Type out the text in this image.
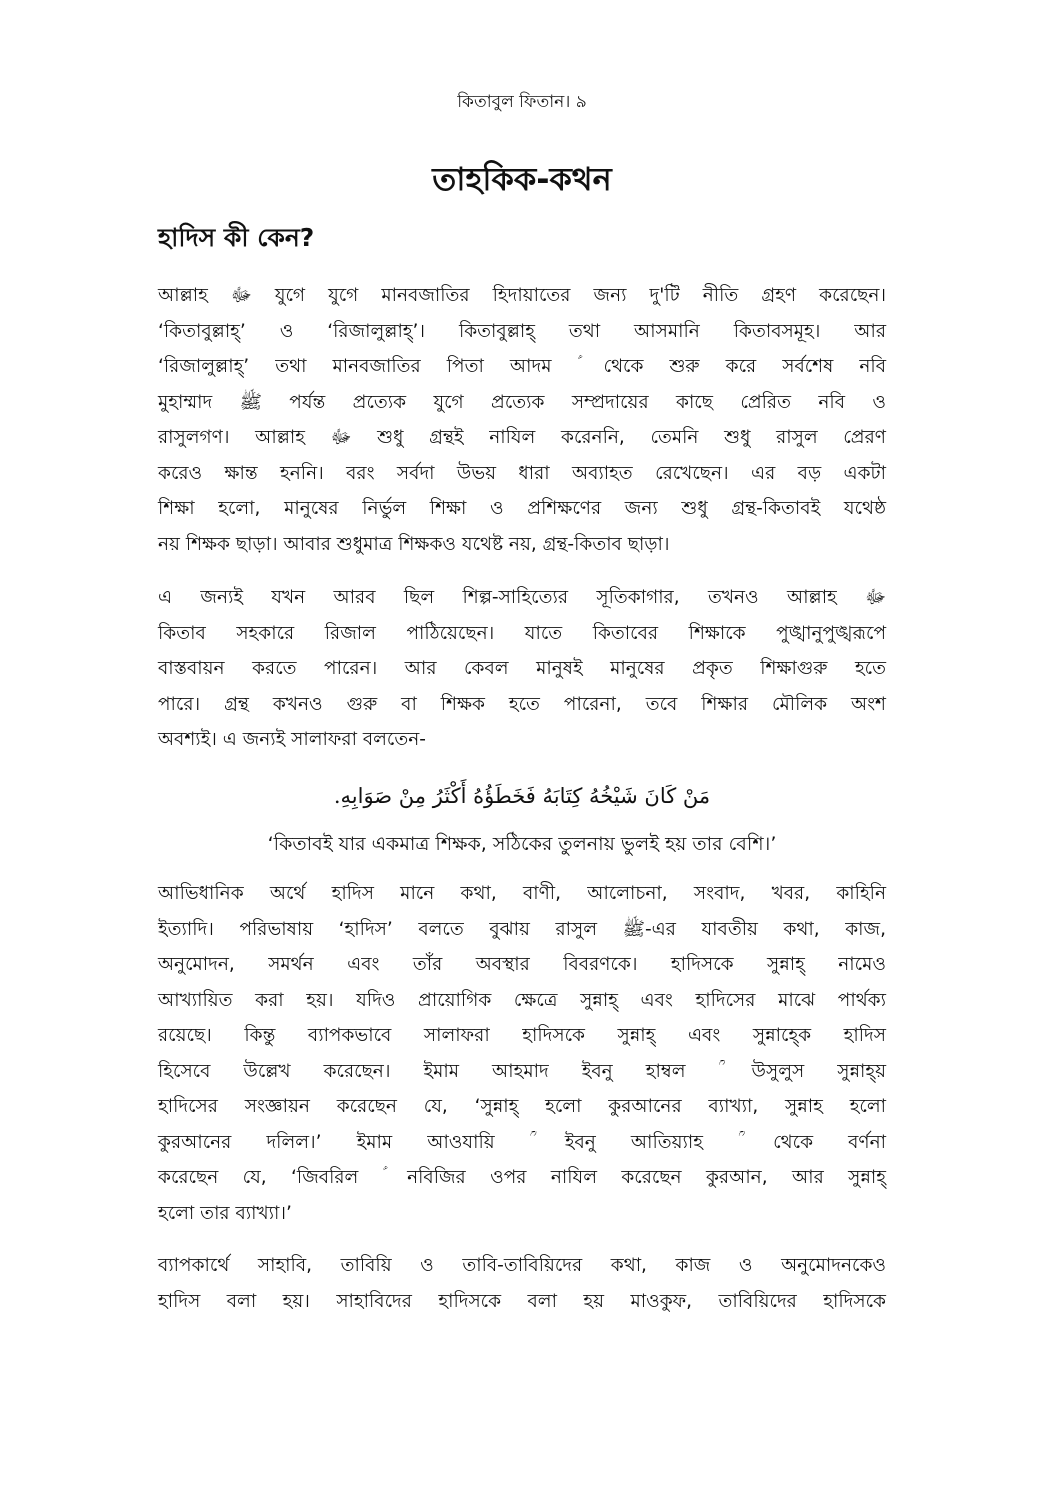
কিতাবুল ফিতান। ৯
তাহকিক-কথন
হাদিস কী কেন?

আল্লাহ ﷻ যুগে যুগে মানবজাতির হিদায়াতের জন্য দু'টি নীতি গ্রহণ করেছেন।
‘কিতাবুল্লাহ্’ ও ‘রিজালুল্লাহ্’। কিতাবুল্লাহ্ তথা আসমানি কিতাবসমূহ। আর
‘রিজালুল্লাহ্’ তথা মানবজাতির পিতা আদম ؑ থেকে শুরু করে সর্বশেষ নবি
মুহাম্মাদ ﷺ পর্যন্ত প্রত্যেক যুগে প্রত্যেক সম্প্রদায়ের কাছে প্রেরিত নবি ও
রাসুলগণ। আল্লাহ ﷻ শুধু গ্রন্থই নাযিল করেননি, তেমনি শুধু রাসুল প্রেরণ
করেও ক্ষান্ত হননি। বরং সর্বদা উভয় ধারা অব্যাহত রেখেছেন। এর বড় একটা
শিক্ষা হলো, মানুষের নির্ভুল শিক্ষা ও প্রশিক্ষণের জন্য শুধু গ্রন্থ-কিতাবই যথেষ্ঠ
নয় শিক্ষক ছাড়া। আবার শুধুমাত্র শিক্ষকও যথেষ্ট নয়, গ্রন্থ-কিতাব ছাড়া।

এ জন্যই যখন আরব ছিল শিল্প-সাহিত্যের সূতিকাগার, তখনও আল্লাহ ﷻ
কিতাব সহকারে রিজাল পাঠিয়েছেন। যাতে কিতাবের শিক্ষাকে পুঙ্খানুপুঙ্খরূপে
বাস্তবায়ন করতে পারেন। আর কেবল মানুষই মানুষের প্রকৃত শিক্ষাগুরু হতে
পারে। গ্রন্থ কখনও গুরু বা শিক্ষক হতে পারেনা, তবে শিক্ষার মৌলিক অংশ
অবশ্যই। এ জন্যই সালাফরা বলতেন-

مَنْ كَانَ شَيْخُهُ كِتَابَهُ فَخَطَؤُهُ أَكْثَرُ مِنْ صَوَابِهِ.
‘কিতাবই যার একমাত্র শিক্ষক, সঠিকের তুলনায় ভুলই হয় তার বেশি।’

আভিধানিক অর্থে হাদিস মানে কথা, বাণী, আলোচনা, সংবাদ, খবর, কাহিনি
ইত্যাদি। পরিভাষায় ‘হাদিস’ বলতে বুঝায় রাসুল ﷺ-এর যাবতীয় কথা, কাজ,
অনুমোদন, সমর্থন এবং তাঁর অবস্থার বিবরণকে। হাদিসকে সুন্নাহ্ নামেও
আখ্যায়িত করা হয়। যদিও প্রায়োগিক ক্ষেত্রে সুন্নাহ্ এবং হাদিসের মাঝে পার্থক্য
রয়েছে। কিন্তু ব্যাপকভাবে সালাফরা হাদিসকে সুন্নাহ্ এবং সুন্নাহ্কে হাদিস
হিসেবে উল্লেখ করেছেন। ইমাম আহমাদ ইবনু হাম্বল ؒ উসুলুস সুন্নাহ্য়
হাদিসের সংজ্ঞায়ন করেছেন যে, ‘সুন্নাহ্ হলো কুরআনের ব্যাখ্যা, সুন্নাহ হলো
কুরআনের দলিল।’ ইমাম আওযায়ি ؒ ইবনু আতিয়্যাহ ؒ থেকে বর্ণনা
করেছেন যে, ‘জিবরিল ؑ নবিজির ওপর নাযিল করেছেন কুরআন, আর সুন্নাহ্
হলো তার ব্যাখ্যা।’

ব্যাপকার্থে সাহাবি, তাবিয়ি ও তাবি-তাবিয়িদের কথা, কাজ ও অনুমোদনকেও
হাদিস বলা হয়। সাহাবিদের হাদিসকে বলা হয় মাওকুফ, তাবিয়িদের হাদিসকে
